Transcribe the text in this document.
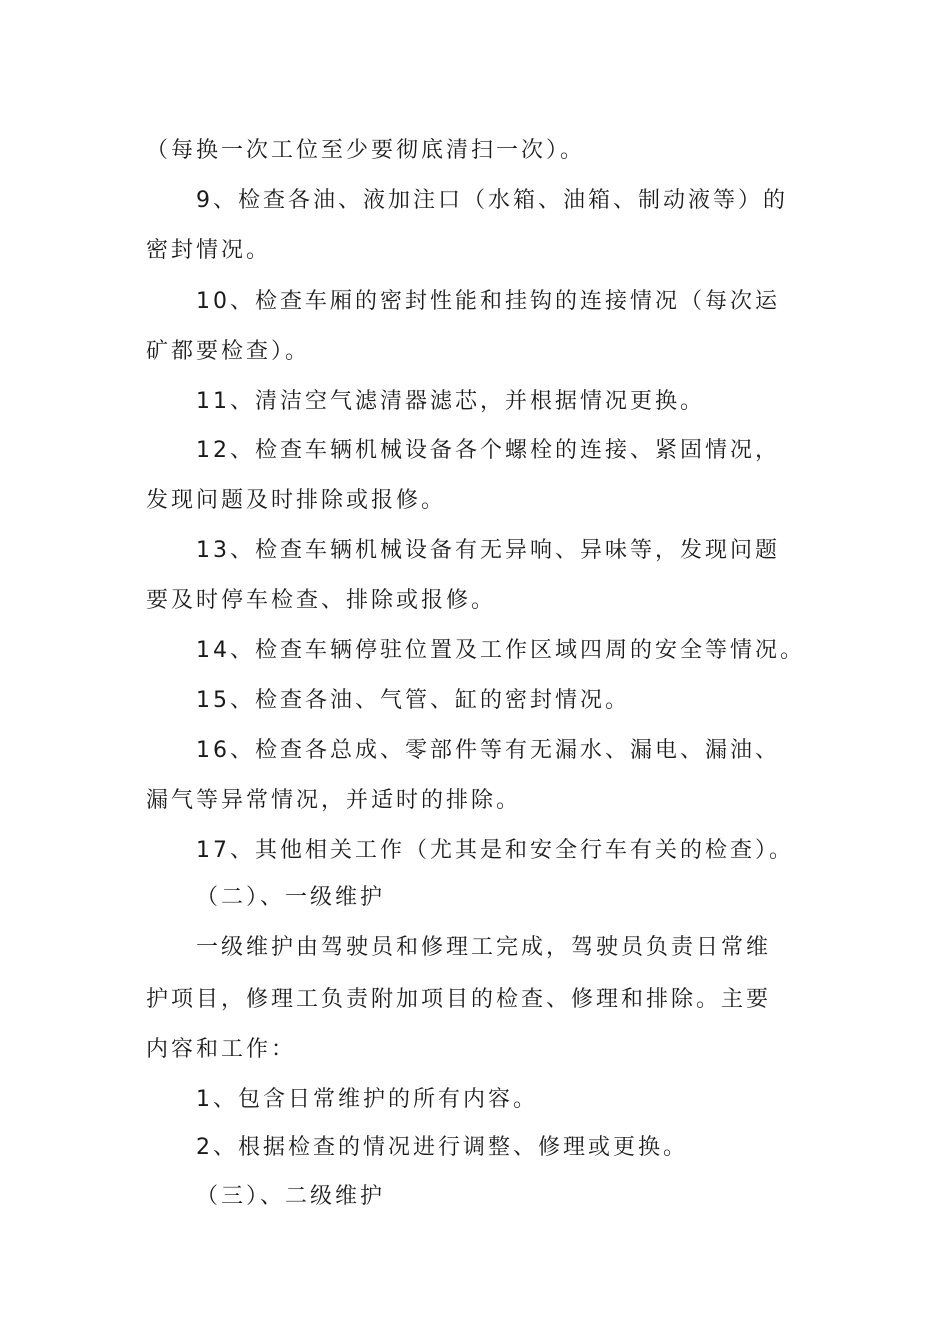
（每换一次工位至少要彻底清扫一次）。
9、检查各油、液加注口（水箱、油箱、制动液等）的
密封情况。
10、检查车厢的密封性能和挂钩的连接情况（每次运
矿都要检查）。
11、清洁空气滤清器滤芯，并根据情况更换。
12、检查车辆机械设备各个螺栓的连接、紧固情况，
发现问题及时排除或报修。
13、检查车辆机械设备有无异响、异味等，发现问题
要及时停车检查、排除或报修。
14、检查车辆停驻位置及工作区域四周的安全等情况。
15、检查各油、气管、缸的密封情况。
16、检查各总成、零部件等有无漏水、漏电、漏油、
漏气等异常情况，并适时的排除。
17、其他相关工作（尤其是和安全行车有关的检查）。
（二）、一级维护
一级维护由驾驶员和修理工完成，驾驶员负责日常维
护项目，修理工负责附加项目的检查、修理和排除。主要
内容和工作：
1、包含日常维护的所有内容。
2、根据检查的情况进行调整、修理或更换。
（三）、二级维护
